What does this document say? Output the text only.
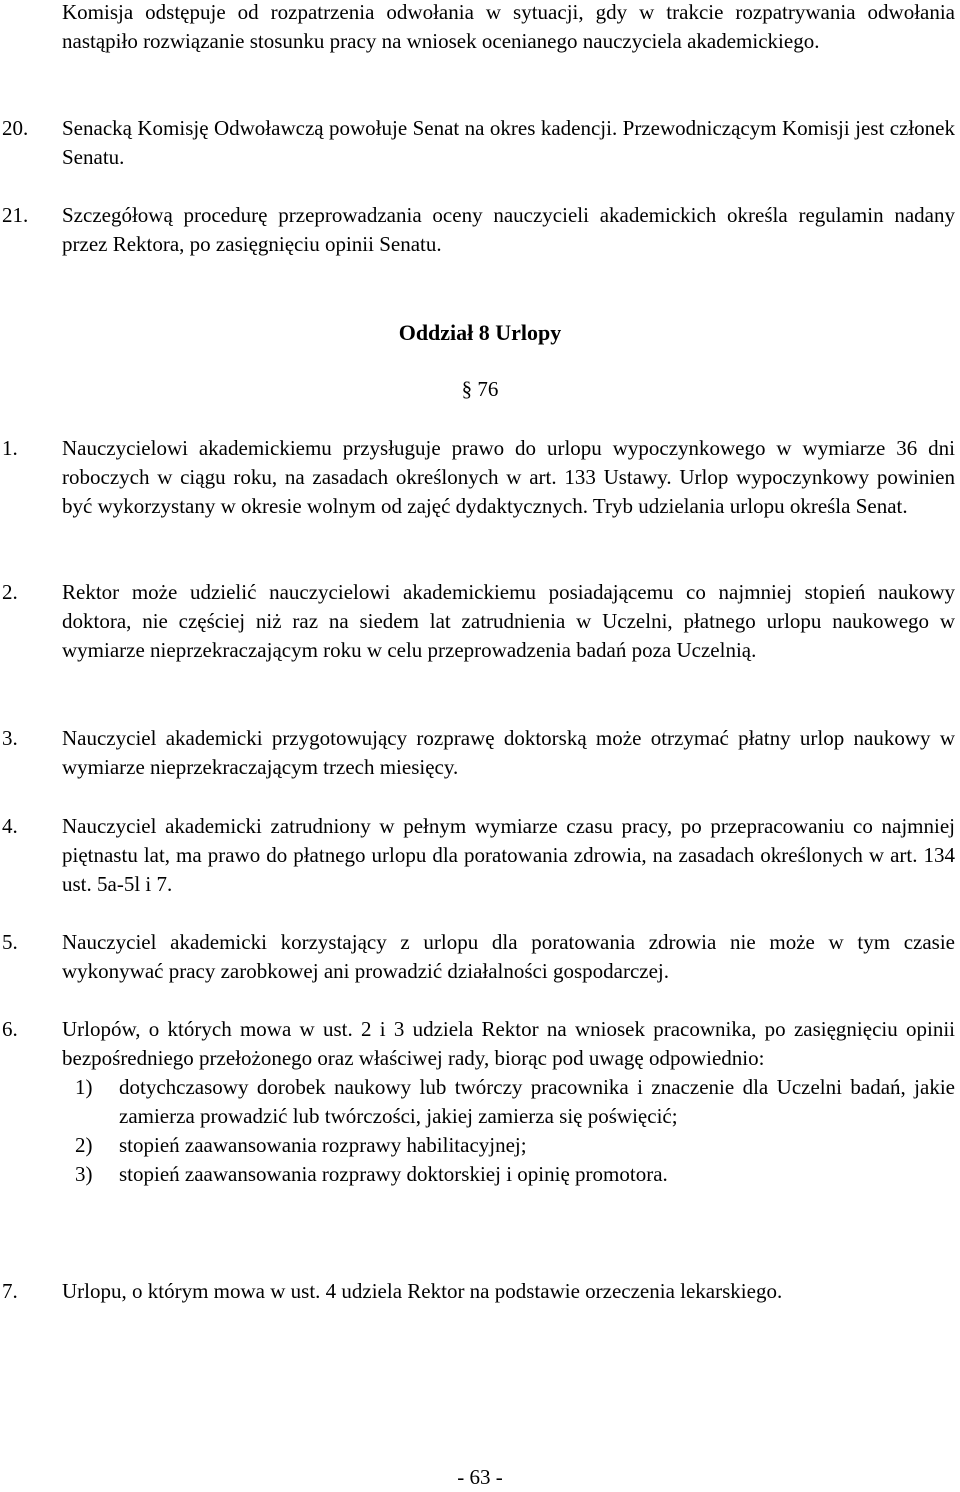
Komisja odstępuje od rozpatrzenia odwołania w sytuacji, gdy w trakcie rozpatrywania odwołania nastąpiło rozwiązanie stosunku pracy na wniosek ocenianego nauczyciela akademickiego.
20.	Senacką Komisję Odwoławczą powołuje Senat na okres kadencji. Przewodniczącym Komisji jest członek Senatu.
21.	Szczegółową procedurę przeprowadzania oceny nauczycieli akademickich określa regulamin nadany przez Rektora, po zasięgnięciu opinii Senatu.
Oddział 8 Urlopy
§ 76
1.	Nauczycielowi akademickiemu przysługuje prawo do urlopu wypoczynkowego w wymiarze 36 dni roboczych w ciągu roku, na zasadach określonych w art. 133 Ustawy. Urlop wypoczynkowy powinien być wykorzystany w okresie wolnym od zajęć dydaktycznych. Tryb udzielania urlopu określa Senat.
2.	Rektor może udzielić nauczycielowi akademickiemu posiadającemu co najmniej stopień naukowy doktora, nie częściej niż raz na siedem lat zatrudnienia w Uczelni, płatnego urlopu naukowego w wymiarze nieprzekraczającym roku w celu przeprowadzenia badań poza Uczelnią.
3.	Nauczyciel akademicki przygotowujący rozprawę doktorską może otrzymać płatny urlop naukowy w wymiarze nieprzekraczającym trzech miesięcy.
4.	Nauczyciel akademicki zatrudniony w pełnym wymiarze czasu pracy, po przepracowaniu co najmniej piętnastu lat, ma prawo do płatnego urlopu dla poratowania zdrowia, na zasadach określonych w art. 134 ust. 5a-5l i 7.
5.	Nauczyciel akademicki korzystający z urlopu dla poratowania zdrowia nie może w tym czasie wykonywać pracy zarobkowej ani prowadzić działalności gospodarczej.
6.	Urlopów, o których mowa w ust. 2 i 3 udziela Rektor na wniosek pracownika, po zasięgnięciu opinii bezpośredniego przełożonego oraz właściwej rady, biorąc pod uwagę odpowiednio:
1)	dotychczasowy dorobek naukowy lub twórczy pracownika i znaczenie dla Uczelni badań, jakie zamierza prowadzić lub twórczości, jakiej zamierza się poświęcić;
2)	stopień zaawansowania rozprawy habilitacyjnej;
3)	stopień zaawansowania rozprawy doktorskiej i opinię promotora.
7.	Urlopu, o którym mowa w ust. 4 udziela Rektor na podstawie orzeczenia lekarskiego.
- 63 -
